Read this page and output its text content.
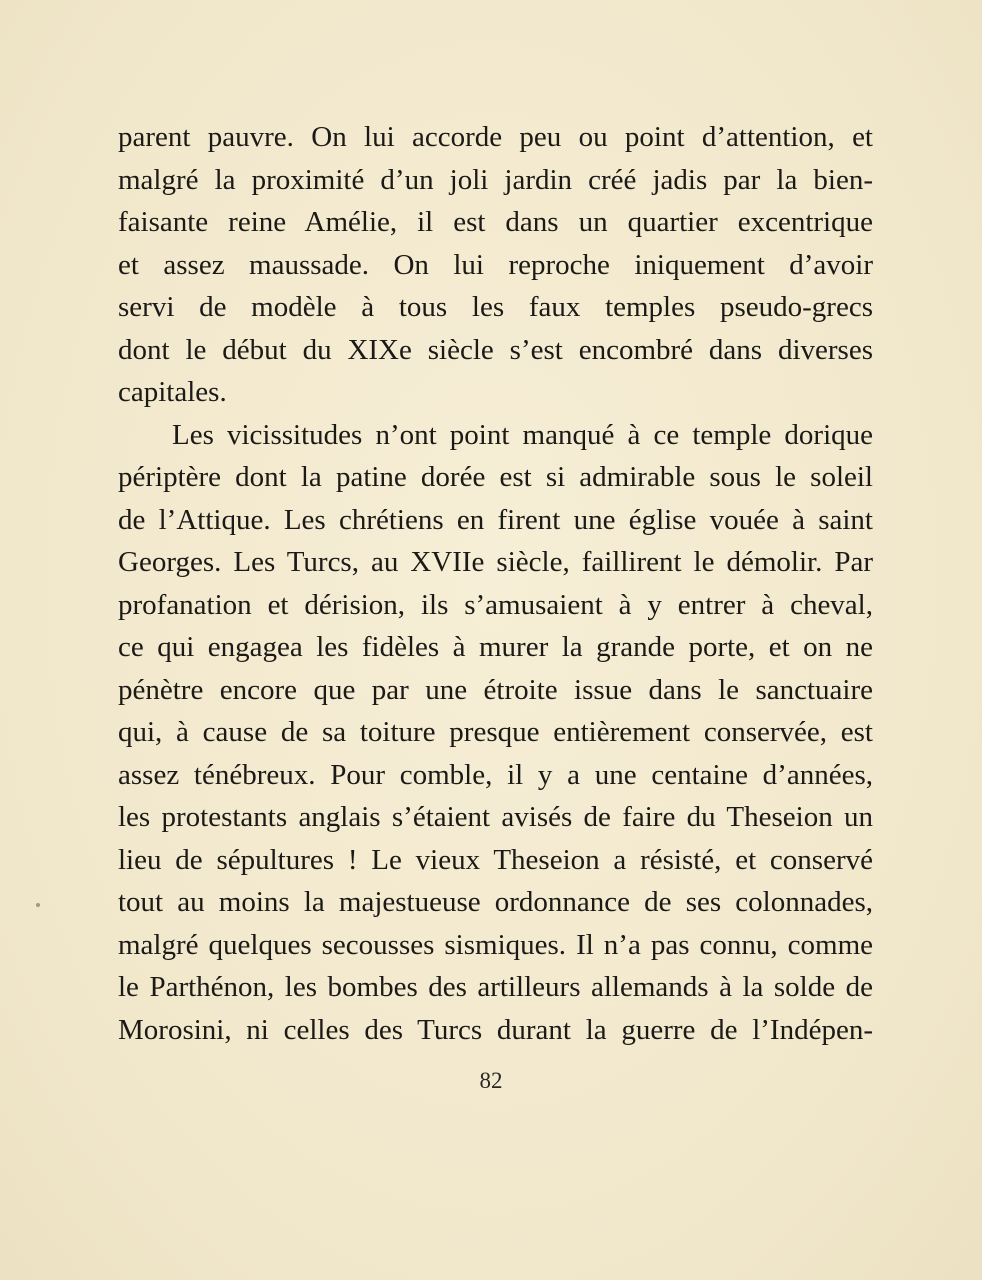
parent pauvre. On lui accorde peu ou point d’attention, et
malgré la proximité d’un joli jardin créé jadis par la bien-
faisante reine Amélie, il est dans un quartier excentrique
et assez maussade. On lui reproche iniquement d’avoir
servi de modèle à tous les faux temples pseudo-grecs
dont le début du XIXe siècle s’est encombré dans diverses
capitales.
Les vicissitudes n’ont point manqué à ce temple dorique
périptère dont la patine dorée est si admirable sous le soleil
de l’Attique. Les chrétiens en firent une église vouée à saint
Georges. Les Turcs, au XVIIe siècle, faillirent le démolir. Par
profanation et dérision, ils s’amusaient à y entrer à cheval,
ce qui engagea les fidèles à murer la grande porte, et on ne
pénètre encore que par une étroite issue dans le sanctuaire
qui, à cause de sa toiture presque entièrement conservée, est
assez ténébreux. Pour comble, il y a une centaine d’années,
les protestants anglais s’étaient avisés de faire du Theseion un
lieu de sépultures ! Le vieux Theseion a résisté, et conservé
tout au moins la majestueuse ordonnance de ses colonnades,
malgré quelques secousses sismiques. Il n’a pas connu, comme
le Parthénon, les bombes des artilleurs allemands à la solde de
Morosini, ni celles des Turcs durant la guerre de l’Indépen-
82
